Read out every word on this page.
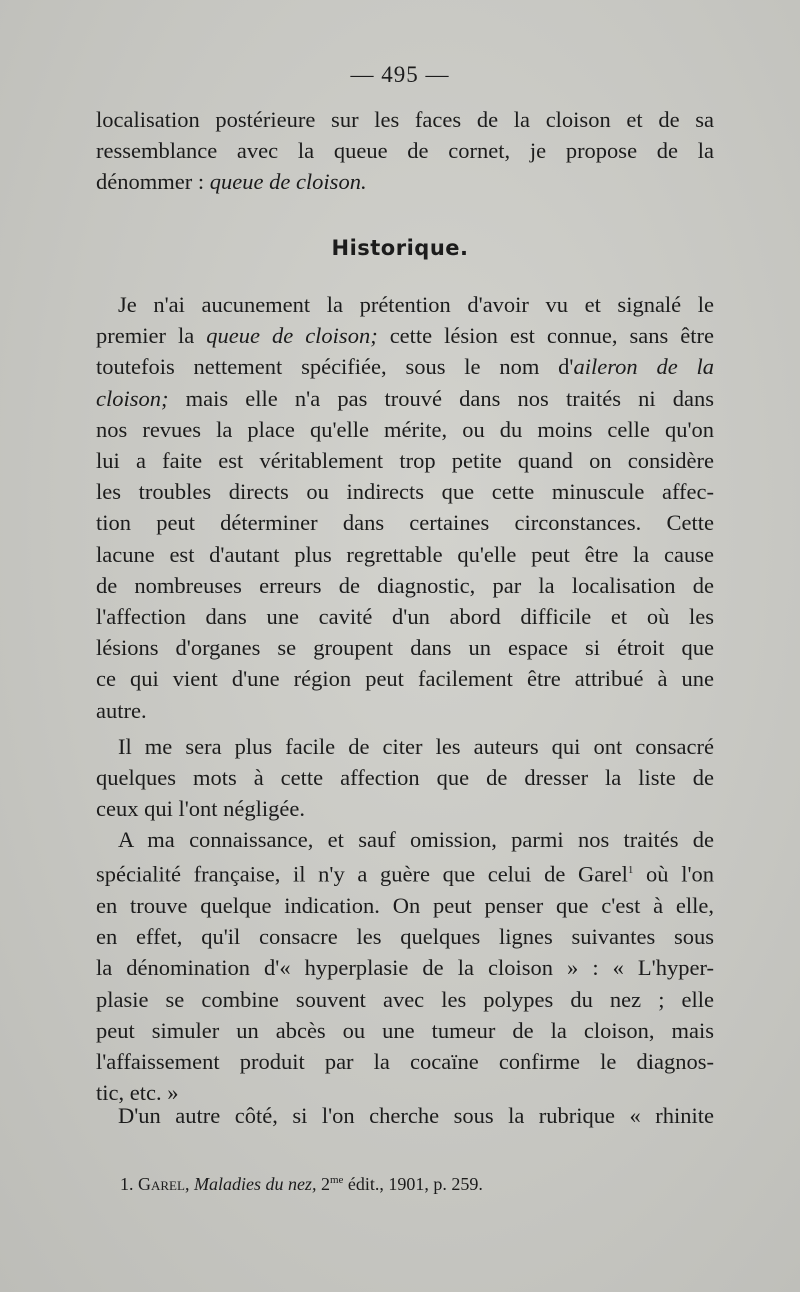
— 495 —

localisation postérieure sur les faces de la cloison et de sa
ressemblance avec la queue de cornet, je propose de la
dénommer : queue de cloison.

Historique.

Je n'ai aucunement la prétention d'avoir vu et signalé le
premier la queue de cloison; cette lésion est connue, sans être
toutefois nettement spécifiée, sous le nom d'aileron de la
cloison; mais elle n'a pas trouvé dans nos traités ni dans
nos revues la place qu'elle mérite, ou du moins celle qu'on
lui a faite est véritablement trop petite quand on considère
les troubles directs ou indirects que cette minuscule affec-
tion peut déterminer dans certaines circonstances. Cette
lacune est d'autant plus regrettable qu'elle peut être la cause
de nombreuses erreurs de diagnostic, par la localisation de
l'affection dans une cavité d'un abord difficile et où les
lésions d'organes se groupent dans un espace si étroit que
ce qui vient d'une région peut facilement être attribué à une
autre.

Il me sera plus facile de citer les auteurs qui ont consacré
quelques mots à cette affection que de dresser la liste de
ceux qui l'ont négligée.

A ma connaissance, et sauf omission, parmi nos traités de
spécialité française, il n'y a guère que celui de Garel$^1$ où l'on
en trouve quelque indication. On peut penser que c'est à elle,
en effet, qu'il consacre les quelques lignes suivantes sous
la dénomination d'« hyperplasie de la cloison » : « L'hyper-
plasie se combine souvent avec les polypes du nez ; elle
peut simuler un abcès ou une tumeur de la cloison, mais
l'affaissement produit par la cocaïne confirme le diagnos-
tic, etc. »

D'un autre côté, si l'on cherche sous la rubrique « rhinite

1. Garel, Maladies du nez, $2^{me}$ édit., 1901, p. 259.
